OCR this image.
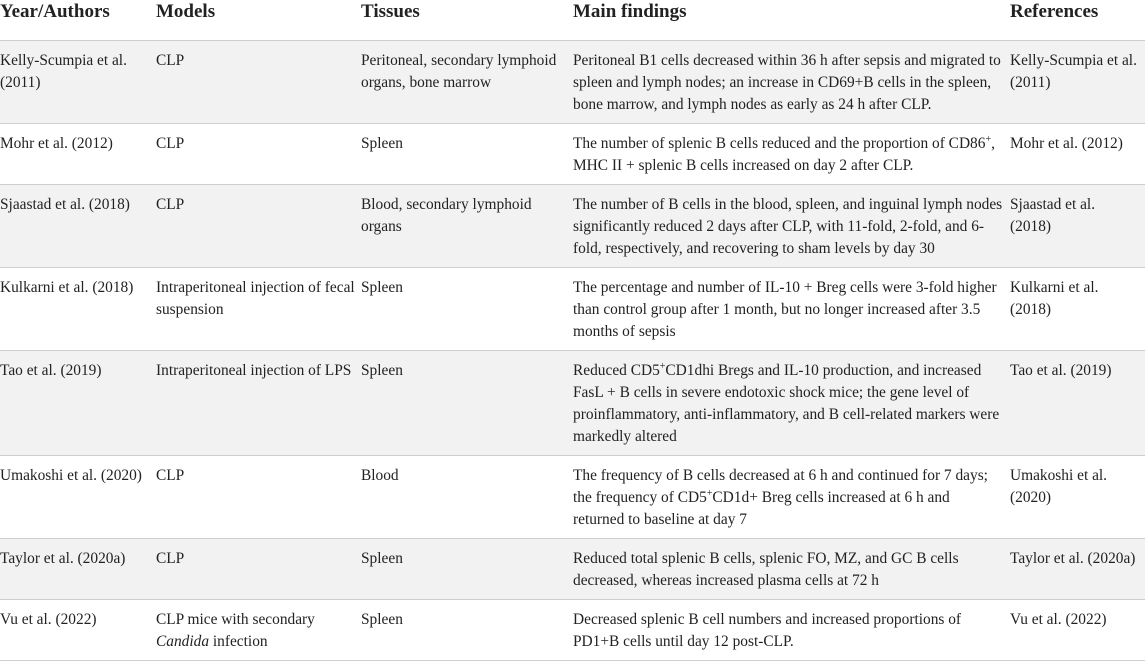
Year/Authors	Models	Tissues	Main findings	References

Kelly-Scumpia et al. (2011)	CLP	Peritoneal, secondary lymphoid organs, bone marrow	Peritoneal B1 cells decreased within 36 h after sepsis and migrated to spleen and lymph nodes; an increase in CD69+B cells in the spleen, bone marrow, and lymph nodes as early as 24 h after CLP.	Kelly-Scumpia et al. (2011)

Mohr et al. (2012)	CLP	Spleen	The number of splenic B cells reduced and the proportion of CD86+, MHC II + splenic B cells increased on day 2 after CLP.	Mohr et al. (2012)

Sjaastad et al. (2018)	CLP	Blood, secondary lymphoid organs	The number of B cells in the blood, spleen, and inguinal lymph nodes significantly reduced 2 days after CLP, with 11-fold, 2-fold, and 6-fold, respectively, and recovering to sham levels by day 30	Sjaastad et al. (2018)

Kulkarni et al. (2018)	Intraperitoneal injection of fecal suspension	Spleen	The percentage and number of IL-10 + Breg cells were 3-fold higher than control group after 1 month, but no longer increased after 3.5 months of sepsis	Kulkarni et al. (2018)

Tao et al. (2019)	Intraperitoneal injection of LPS	Spleen	Reduced CD5+CD1dhi Bregs and IL-10 production, and increased FasL + B cells in severe endotoxic shock mice; the gene level of proinflammatory, anti-inflammatory, and B cell-related markers were markedly altered	Tao et al. (2019)

Umakoshi et al. (2020)	CLP	Blood	The frequency of B cells decreased at 6 h and continued for 7 days; the frequency of CD5+CD1d+ Breg cells increased at 6 h and returned to baseline at day 7	Umakoshi et al. (2020)

Taylor et al. (2020a)	CLP	Spleen	Reduced total splenic B cells, splenic FO, MZ, and GC B cells decreased, whereas increased plasma cells at 72 h	Taylor et al. (2020a)

Vu et al. (2022)	CLP mice with secondary Candida infection	Spleen	Decreased splenic B cell numbers and increased proportions of PD1+B cells until day 12 post-CLP.	Vu et al. (2022)
